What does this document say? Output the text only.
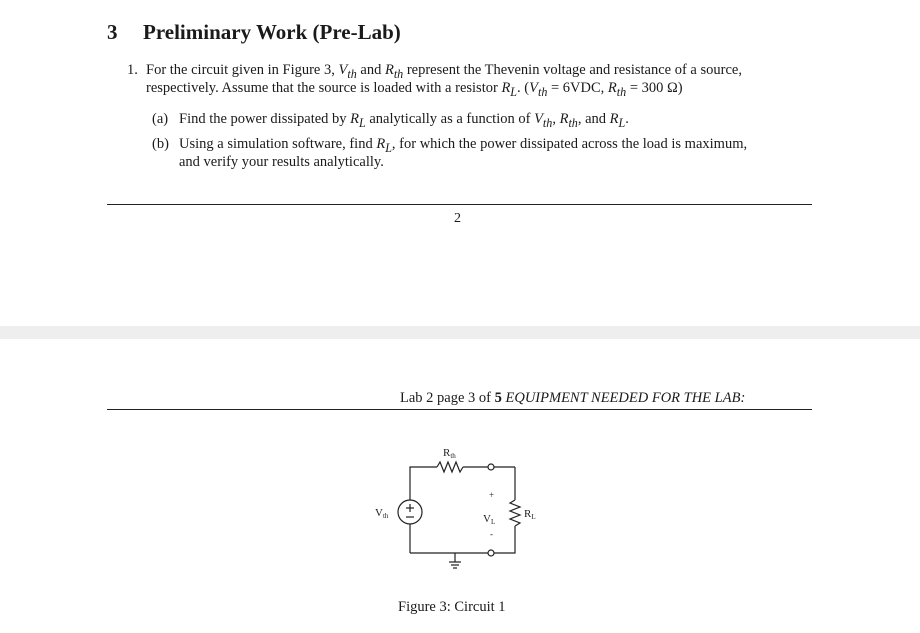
3 Preliminary Work (Pre-Lab)
1. For the circuit given in Figure 3, $V_{th}$ and $R_{th}$ represent the Thevenin voltage and resistance of a source,
respectively. Assume that the source is loaded with a resistor $R_L$. ($V_{th} = 6VDC$, $R_{th} = 300$ Ω)
(a) Find the power dissipated by $R_L$ analytically as a function of $V_{th}$, $R_{th}$, and $R_L$.
(b) Using a simulation software, find $R_L$, for which the power dissipated across the load is maximum,
and verify your results analytically.
2
Lab 2 page 3 of 5 EQUIPMENT NEEDED FOR THE LAB:
Rth
Vth
+
VL
-
RL
Figure 3: Circuit 1
